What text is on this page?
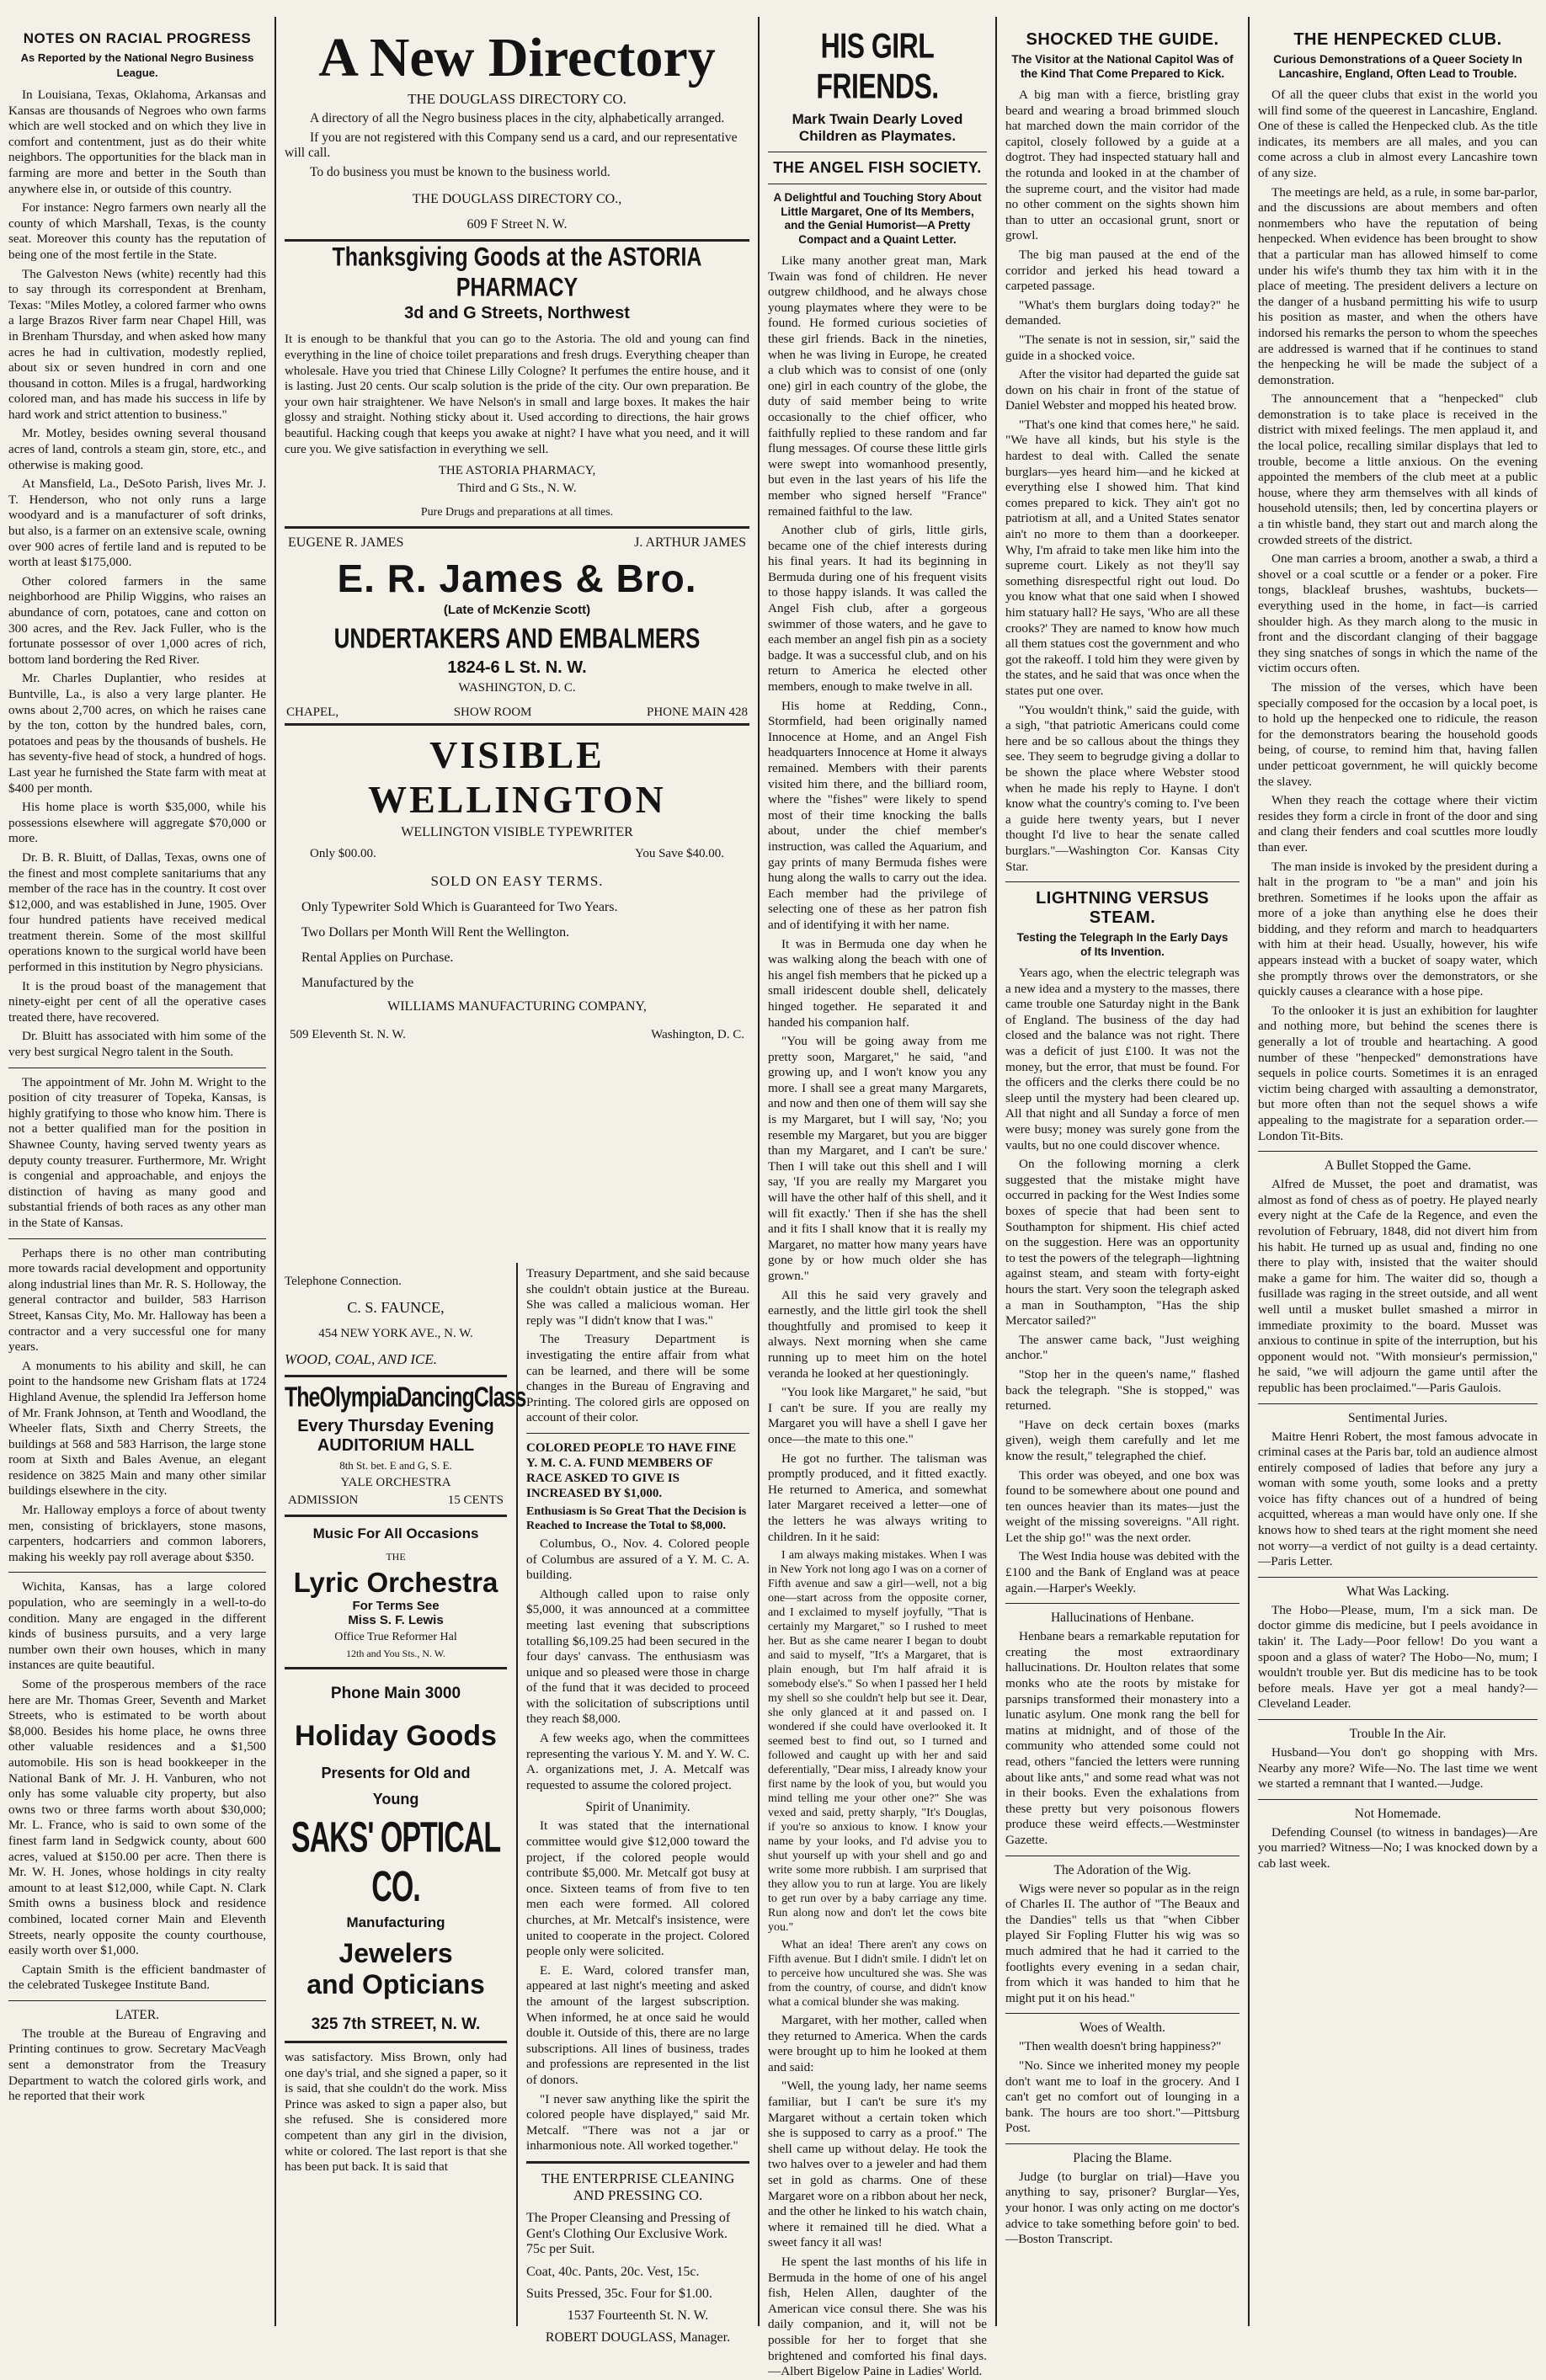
NOTES ON RACIAL PROGRESS
As Reported by the National Negro Business League.

In Louisiana, Texas, Oklahoma, Arkansas and Kansas are thousands of Negroes who own farms which are well stocked and on which they live in comfort and contentment, just as do their white neighbors. The opportunities for the black man in farming are more and better in the South than anywhere else in, or outside of this country.

For instance: Negro farmers own nearly all the county of which Marshall, Texas, is the county seat. Moreover this county has the reputation of being one of the most fertile in the State.

The Galveston News (white) recently had this to say through its correspondent at Brenham, Texas: "Miles Motley, a colored farmer who owns a large Brazos River farm near Chapel Hill, was in Brenham Thursday, and when asked how many acres he had in cultivation, modestly replied, about six or seven hundred in corn and one thousand in cotton. Miles is a frugal, hardworking colored man, and has made his success in life by hard work and strict attention to business."

Mr. Motley, besides owning several thousand acres of land, controls a steam gin, store, etc., and otherwise is making good.

At Mansfield, La., DeSoto Parish, lives Mr. J. T. Henderson, who not only runs a large woodyard and is a manufacturer of soft drinks, but also, is a farmer on an extensive scale, owning over 900 acres of fertile land and is reputed to be worth at least $175,000.

Other colored farmers in the same neighborhood are Philip Wiggins, who raises an abundance of corn, potatoes, cane and cotton on 300 acres, and the Rev. Jack Fuller, who is the fortunate possessor of over 1,000 acres of rich, bottom land bordering the Red River.

Mr. Charles Duplantier, who resides at Buntville, La., is also a very large planter. He owns about 2,700 acres, on which he raises cane by the ton, cotton by the hundred bales, corn, potatoes and peas by the thousands of bushels. He has seventy-five head of stock, a hundred of hogs. Last year he furnished the State farm with meat at $400 per month.

His home place is worth $35,000, while his possessions elsewhere will aggregate $70,000 or more.

Dr. B. R. Bluitt, of Dallas, Texas, owns one of the finest and most complete sanitariums that any member of the race has in the country. It cost over $12,000, and was established in June, 1905. Over four hundred patients have received medical treatment therein. Some of the most skillful operations known to the surgical world have been performed in this institution by Negro physicians.

It is the proud boast of the management that ninety-eight per cent of all the operative cases treated there, have recovered.

Dr. Bluitt has associated with him some of the very best surgical Negro talent in the South.

The appointment of Mr. John M. Wright to the position of city treasurer of Topeka, Kansas, is highly gratifying to those who know him. There is not a better qualified man for the position in Shawnee County, having served twenty years as deputy county treasurer. Furthermore, Mr. Wright is congenial and approachable, and enjoys the distinction of having as many good and substantial friends of both races as any other man in the State of Kansas.

Perhaps there is no other man contributing more towards racial development and opportunity along industrial lines than Mr. R. S. Holloway, the general contractor and builder, 583 Harrison Street, Kansas City, Mo. Mr. Halloway has been a contractor and a very successful one for many years.

A monuments to his ability and skill, he can point to the handsome new Grisham flats at 1724 Highland Avenue, the splendid Ira Jefferson home of Mr. Frank Johnson, at Tenth and Woodland, the Wheeler flats, Sixth and Cherry Streets, the buildings at 568 and 583 Harrison, the large stone room at Sixth and Bales Avenue, an elegant residence on 3825 Main and many other similar buildings elsewhere in the city.

Mr. Halloway employs a force of about twenty men, consisting of bricklayers, stone masons, carpenters, hodcarriers and common laborers, making his weekly pay roll average about $350.

Wichita, Kansas, has a large colored population, who are seemingly in a well-to-do condition. Many are engaged in the different kinds of business pursuits, and a very large number own their own houses, which in many instances are quite beautiful.

Some of the prosperous members of the race here are Mr. Thomas Greer, Seventh and Market Streets, who is estimated to be worth about $8,000. Besides his home place, he owns three other valuable residences and a $1,500 automobile. His son is head bookkeeper in the National Bank of Mr. J. H. Vanburen, who not only has some valuable city property, but also owns two or three farms worth about $30,000; Mr. L. France, who is said to own some of the finest farm land in Sedgwick county, about 600 acres, valued at $150.00 per acre. Then there is Mr. W. H. Jones, whose holdings in city realty amount to at least $12,000, while Capt. N. Clark Smith owns a business block and residence combined, located corner Main and Eleventh Streets, nearly opposite the county courthouse, easily worth over $1,000.

Captain Smith is the efficient bandmaster of the celebrated Tuskegee Institute Band.

LATER.

The trouble at the Bureau of Engraving and Printing continues to grow. Secretary MacVeagh sent a demonstrator from the Treasury Department to watch the colored girls work, and he reported that their work

A New Directory
THE DOUGLASS DIRECTORY CO.

A directory of all the Negro business places in the city, alphabetically arranged.

If you are not registered with this Company send us a card, and our representative will call.

To do business you must be known to the business world.

THE DOUGLASS DIRECTORY CO.,
609 F Street N. W.
Thanksgiving Goods at the ASTORIA PHARMACY
3d and G Streets, Northwest

It is enough to be thankful that you can go to the Astoria. The old and young can find everything in the line of choice toilet preparations and fresh drugs. Everything cheaper than wholesale. Have you tried that Chinese Lilly Cologne? It perfumes the entire house, and it is lasting. Just 20 cents. Our scalp solution is the pride of the city. Our own preparation. Be your own hair straightener. We have Nelson's in small and large boxes. It makes the hair glossy and straight. Nothing sticky about it. Used according to directions, the hair grows beautiful. Hacking cough that keeps you awake at night? I have what you need, and it will cure you. We give satisfaction in everything we sell.

THE ASTORIA PHARMACY,
Third and G Sts., N. W.
Pure Drugs and preparations at all times.
EUGENE R. JAMES	J. ARTHUR JAMES
E. R. James & Bro.
(Late of McKenzie Scott)
UNDERTAKERS AND EMBALMERS
1824-6 L St. N. W.
WASHINGTON, D. C.
CHAPEL,	SHOW ROOM	PHONE MAIN 428
VISIBLE WELLINGTON
WELLINGTON VISIBLE TYPEWRITER
Only $00.00.	You Save $40.00.
SOLD ON EASY TERMS.
Only Typewriter Sold Which is Guaranteed for Two Years.
Two Dollars per Month Will Rent the Wellington.
Rental Applies on Purchase.
Manufactured by the
WILLIAMS MANUFACTURING COMPANY,
509 Eleventh St. N. W.	Washington, D. C.
Telephone Connection.
C. S. FAUNCE,
454 NEW YORK AVE., N. W.
WOOD, COAL, AND ICE.
TheOlympiaDancingClass
Every Thursday Evening
AUDITORIUM HALL
8th St. bet. E and G, S. E.
YALE ORCHESTRA
ADMISSION	15 CENTS
Music For All Occasions
THE
Lyric Orchestra
For Terms See
Miss S. F. Lewis
Office True Reformer Hal
12th and You Sts., N. W.
Phone Main 3000
Holiday Goods
Presents for Old and
Young
SAKS' OPTICAL CO.
Manufacturing
Jewelers
and Opticians
325 7th STREET, N. W.

was satisfactory. Miss Brown, only had one day's trial, and she signed a paper, so it is said, that she couldn't do the work. Miss Prince was asked to sign a paper also, but she refused. She is considered more competent than any girl in the division, white or colored. The last report is that she has been put back. It is said that

Treasury Department, and she said because she couldn't obtain justice at the Bureau. She was called a malicious woman. Her reply was "I didn't know that I was."

The Treasury Department is investigating the entire affair from what can be learned, and there will be some changes in the Bureau of Engraving and Printing. The colored girls are opposed on account of their color.

COLORED PEOPLE TO HAVE FINE Y. M. C. A. FUND MEMBERS OF RACE ASKED TO GIVE IS INCREASED BY $1,000.
Enthusiasm is So Great That the Decision is Reached to Increase the Total to $8,000.

Columbus, O., Nov. 4. Colored people of Columbus are assured of a Y. M. C. A. building.

Although called upon to raise only $5,000, it was announced at a committee meeting last evening that subscriptions totalling $6,109.25 had been secured in the four days' canvass. The enthusiasm was unique and so pleased were those in charge of the fund that it was decided to proceed with the solicitation of subscriptions until they reach $8,000.

A few weeks ago, when the committees representing the various Y. M. and Y. W. C. A. organizations met, J. A. Metcalf was requested to assume the colored project.

Spirit of Unanimity.

It was stated that the international committee would give $12,000 toward the project, if the colored people would contribute $5,000. Mr. Metcalf got busy at once. Sixteen teams of from five to ten men each were formed. All colored churches, at Mr. Metcalf's insistence, were united to cooperate in the project. Colored people only were solicited.

E. E. Ward, colored transfer man, appeared at last night's meeting and asked the amount of the largest subscription. When informed, he at once said he would double it. Outside of this, there are no large subscriptions. All lines of business, trades and professions are represented in the list of donors.

"I never saw anything like the spirit the colored people have displayed," said Mr. Metcalf. "There was not a jar or inharmonious note. All worked together."

THE ENTERPRISE CLEANING AND PRESSING CO.

The Proper Cleansing and Pressing of Gent's Clothing Our Exclusive Work. 75c per Suit.

Coat, 40c. Pants, 20c. Vest, 15c.
Suits Pressed, 35c. Four for $1.00.
1537 Fourteenth St. N. W.
ROBERT DOUGLASS, Manager.
HIS GIRL FRIENDS.
Mark Twain Dearly Loved Children as Playmates.
THE ANGEL FISH SOCIETY.
A Delightful and Touching Story About Little Margaret, One of Its Members, and the Genial Humorist—A Pretty Compact and a Quaint Letter.

Like many another great man, Mark Twain was fond of children. He never outgrew childhood, and he always chose young playmates where they were to be found. He formed curious societies of these girl friends. Back in the nineties, when he was living in Europe, he created a club which was to consist of one (only one) girl in each country of the globe, the duty of said member being to write occasionally to the chief officer, who faithfully replied to these random and far flung messages. Of course these little girls were swept into womanhood presently, but even in the last years of his life the member who signed herself "France" remained faithful to the law.

Another club of girls, little girls, became one of the chief interests during his final years. It had its beginning in Bermuda during one of his frequent visits to those happy islands. It was called the Angel Fish club, after a gorgeous swimmer of those waters, and he gave to each member an angel fish pin as a society badge. It was a successful club, and on his return to America he elected other members, enough to make twelve in all.

His home at Redding, Conn., Stormfield, had been originally named Innocence at Home, and an Angel Fish headquarters Innocence at Home it always remained. Members with their parents visited him there, and the billiard room, where the "fishes" were likely to spend most of their time knocking the balls about, under the chief member's instruction, was called the Aquarium, and gay prints of many Bermuda fishes were hung along the walls to carry out the idea. Each member had the privilege of selecting one of these as her patron fish and of identifying it with her name.

It was in Bermuda one day when he was walking along the beach with one of his angel fish members that he picked up a small iridescent double shell, delicately hinged together. He separated it and handed his companion half.

"You will be going away from me pretty soon, Margaret," he said, "and growing up, and I won't know you any more. I shall see a great many Margarets, and now and then one of them will say she is my Margaret, but I will say, 'No; you resemble my Margaret, but you are bigger than my Margaret, and I can't be sure.' Then I will take out this shell and I will say, 'If you are really my Margaret you will have the other half of this shell, and it will fit exactly.' Then if she has the shell and it fits I shall know that it is really my Margaret, no matter how many years have gone by or how much older she has grown."

All this he said very gravely and earnestly, and the little girl took the shell thoughtfully and promised to keep it always. Next morning when she came running up to meet him on the hotel veranda he looked at her questioningly.

"You look like Margaret," he said, "but I can't be sure. If you are really my Margaret you will have a shell I gave her once—the mate to this one."

He got no further. The talisman was promptly produced, and it fitted exactly. He returned to America, and somewhat later Margaret received a letter—one of the letters he was always writing to children. In it he said:

I am always making mistakes. When I was in New York not long ago I was on a corner of Fifth avenue and saw a girl—well, not a big one—start across from the opposite corner, and I exclaimed to myself joyfully, "That is certainly my Margaret," so I rushed to meet her. But as she came nearer I began to doubt and said to myself, "It's a Margaret, that is plain enough, but I'm half afraid it is somebody else's." So when I passed her I held my shell so she couldn't help but see it. Dear, she only glanced at it and passed on. I wondered if she could have overlooked it. It seemed best to find out, so I turned and followed and caught up with her and said deferentially, "Dear miss, I already know your first name by the look of you, but would you mind telling me your other one?" She was vexed and said, pretty sharply, "It's Douglas, if you're so anxious to know. I know your name by your looks, and I'd advise you to shut yourself up with your shell and go and write some more rubbish. I am surprised that they allow you to run at large. You are likely to get run over by a baby carriage any time. Run along now and don't let the cows bite you."

What an idea! There aren't any cows on Fifth avenue. But I didn't smile. I didn't let on to perceive how uncultured she was. She was from the country, of course, and didn't know what a comical blunder she was making.

Margaret, with her mother, called when they returned to America. When the cards were brought up to him he looked at them and said:

"Well, the young lady, her name seems familiar, but I can't be sure it's my Margaret without a certain token which she is supposed to carry as a proof." The shell came up without delay. He took the two halves over to a jeweler and had them set in gold as charms. One of these Margaret wore on a ribbon about her neck, and the other he linked to his watch chain, where it remained till he died. What a sweet fancy it all was!

He spent the last months of his life in Bermuda in the home of one of his angel fish, Helen Allen, daughter of the American vice consul there. She was his daily companion, and it, will not be possible for her to forget that she brightened and comforted his final days.—Albert Bigelow Paine in Ladies' World.

SHOCKED THE GUIDE.
The Visitor at the National Capitol Was of the Kind That Come Prepared to Kick.

A big man with a fierce, bristling gray beard and wearing a broad brimmed slouch hat marched down the main corridor of the capitol, closely followed by a guide at a dogtrot. They had inspected statuary hall and the rotunda and looked in at the chamber of the supreme court, and the visitor had made no other comment on the sights shown him than to utter an occasional grunt, snort or growl.

The big man paused at the end of the corridor and jerked his head toward a carpeted passage.

"What's them burglars doing today?" he demanded.

"The senate is not in session, sir," said the guide in a shocked voice.

After the visitor had departed the guide sat down on his chair in front of the statue of Daniel Webster and mopped his heated brow.

"That's one kind that comes here," he said. "We have all kinds, but his style is the hardest to deal with. Called the senate burglars—yes heard him—and he kicked at everything else I showed him. That kind comes prepared to kick. They ain't got no patriotism at all, and a United States senator ain't no more to them than a doorkeeper. Why, I'm afraid to take men like him into the supreme court. Likely as not they'll say something disrespectful right out loud. Do you know what that one said when I showed him statuary hall? He says, 'Who are all these crooks?' They are named to know how much all them statues cost the government and who got the rakeoff. I told him they were given by the states, and he said that was once when the states put one over.

"You wouldn't think," said the guide, with a sigh, "that patriotic Americans could come here and be so callous about the things they see. They seem to begrudge giving a dollar to be shown the place where Webster stood when he made his reply to Hayne. I don't know what the country's coming to. I've been a guide here twenty years, but I never thought I'd live to hear the senate called burglars."—Washington Cor. Kansas City Star.

LIGHTNING VERSUS STEAM.
Testing the Telegraph In the Early Days of Its Invention.

Years ago, when the electric telegraph was a new idea and a mystery to the masses, there came trouble one Saturday night in the Bank of England. The business of the day had closed and the balance was not right. There was a deficit of just £100. It was not the money, but the error, that must be found. For the officers and the clerks there could be no sleep until the mystery had been cleared up. All that night and all Sunday a force of men were busy; money was surely gone from the vaults, but no one could discover whence.

On the following morning a clerk suggested that the mistake might have occurred in packing for the West Indies some boxes of specie that had been sent to Southampton for shipment. His chief acted on the suggestion. Here was an opportunity to test the powers of the telegraph—lightning against steam, and steam with forty-eight hours the start. Very soon the telegraph asked a man in Southampton, "Has the ship Mercator sailed?"

The answer came back, "Just weighing anchor."

"Stop her in the queen's name," flashed back the telegraph. "She is stopped," was returned.

"Have on deck certain boxes (marks given), weigh them carefully and let me know the result," telegraphed the chief.

This order was obeyed, and one box was found to be somewhere about one pound and ten ounces heavier than its mates—just the weight of the missing sovereigns. "All right. Let the ship go!" was the next order.

The West India house was debited with the £100 and the Bank of England was at peace again.—Harper's Weekly.

Hallucinations of Henbane.

Henbane bears a remarkable reputation for creating the most extraordinary hallucinations. Dr. Houlton relates that some monks who ate the roots by mistake for parsnips transformed their monastery into a lunatic asylum. One monk rang the bell for matins at midnight, and of those of the community who attended some could not read, others "fancied the letters were running about like ants," and some read what was not in their books. Even the exhalations from these pretty but very poisonous flowers produce these weird effects.—Westminster Gazette.

The Adoration of the Wig.

Wigs were never so popular as in the reign of Charles II. The author of "The Beaux and the Dandies" tells us that "when Cibber played Sir Fopling Flutter his wig was so much admired that he had it carried to the footlights every evening in a sedan chair, from which it was handed to him that he might put it on his head."

Woes of Wealth.

"Then wealth doesn't bring happiness?"

"No. Since we inherited money my people don't want me to loaf in the grocery. And I can't get no comfort out of lounging in a bank. The hours are too short."—Pittsburg Post.

Placing the Blame.

Judge (to burglar on trial)—Have you anything to say, prisoner? Burglar—Yes, your honor. I was only acting on me doctor's advice to take something before goin' to bed.—Boston Transcript.

THE HENPECKED CLUB.
Curious Demonstrations of a Queer Society In Lancashire, England, Often Lead to Trouble.

Of all the queer clubs that exist in the world you will find some of the queerest in Lancashire, England. One of these is called the Henpecked club. As the title indicates, its members are all males, and you can come across a club in almost every Lancashire town of any size.

The meetings are held, as a rule, in some bar-parlor, and the discussions are about members and often nonmembers who have the reputation of being henpecked. When evidence has been brought to show that a particular man has allowed himself to come under his wife's thumb they tax him with it in the place of meeting. The president delivers a lecture on the danger of a husband permitting his wife to usurp his position as master, and when the others have indorsed his remarks the person to whom the speeches are addressed is warned that if he continues to stand the henpecking he will be made the subject of a demonstration.

The announcement that a "henpecked" club demonstration is to take place is received in the district with mixed feelings. The men applaud it, and the local police, recalling similar displays that led to trouble, become a little anxious. On the evening appointed the members of the club meet at a public house, where they arm themselves with all kinds of household utensils; then, led by concertina players or a tin whistle band, they start out and march along the crowded streets of the district.

One man carries a broom, another a swab, a third a shovel or a coal scuttle or a fender or a poker. Fire tongs, blackleaf brushes, washtubs, buckets—everything used in the home, in fact—is carried shoulder high. As they march along to the music in front and the discordant clanging of their baggage they sing snatches of songs in which the name of the victim occurs often.

The mission of the verses, which have been specially composed for the occasion by a local poet, is to hold up the henpecked one to ridicule, the reason for the demonstrators bearing the household goods being, of course, to remind him that, having fallen under petticoat government, he will quickly become the slavey.

When they reach the cottage where their victim resides they form a circle in front of the door and sing and clang their fenders and coal scuttles more loudly than ever.

The man inside is invoked by the president during a halt in the program to "be a man" and join his brethren. Sometimes if he looks upon the affair as more of a joke than anything else he does their bidding, and they reform and march to headquarters with him at their head. Usually, however, his wife appears instead with a bucket of soapy water, which she promptly throws over the demonstrators, or she quickly causes a clearance with a hose pipe.

To the onlooker it is just an exhibition for laughter and nothing more, but behind the scenes there is generally a lot of trouble and heartaching. A good number of these "henpecked" demonstrations have sequels in police courts. Sometimes it is an enraged victim being charged with assaulting a demonstrator, but more often than not the sequel shows a wife appealing to the magistrate for a separation order.—London Tit-Bits.

A Bullet Stopped the Game.

Alfred de Musset, the poet and dramatist, was almost as fond of chess as of poetry. He played nearly every night at the Cafe de la Regence, and even the revolution of February, 1848, did not divert him from his habit. He turned up as usual and, finding no one there to play with, insisted that the waiter should make a game for him. The waiter did so, though a fusillade was raging in the street outside, and all went well until a musket bullet smashed a mirror in immediate proximity to the board. Musset was anxious to continue in spite of the interruption, but his opponent would not. "With monsieur's permission," he said, "we will adjourn the game until after the republic has been proclaimed."—Paris Gaulois.

Sentimental Juries.

Maitre Henri Robert, the most famous advocate in criminal cases at the Paris bar, told an audience almost entirely composed of ladies that before any jury a woman with some youth, some looks and a pretty voice has fifty chances out of a hundred of being acquitted, whereas a man would have only one. If she knows how to shed tears at the right moment she need not worry—a verdict of not guilty is a dead certainty.—Paris Letter.

What Was Lacking.

The Hobo—Please, mum, I'm a sick man. De doctor gimme dis medicine, but I peels avoidance in takin' it. The Lady—Poor fellow! Do you want a spoon and a glass of water? The Hobo—No, mum; I wouldn't trouble yer. But dis medicine has to be took before meals. Have yer got a meal handy?—Cleveland Leader.

Trouble In the Air.

Husband—You don't go shopping with Mrs. Nearby any more? Wife—No. The last time we went we started a remnant that I wanted.—Judge.

Not Homemade.

Defending Counsel (to witness in bandages)—Are you married? Witness—No; I was knocked down by a cab last week.
